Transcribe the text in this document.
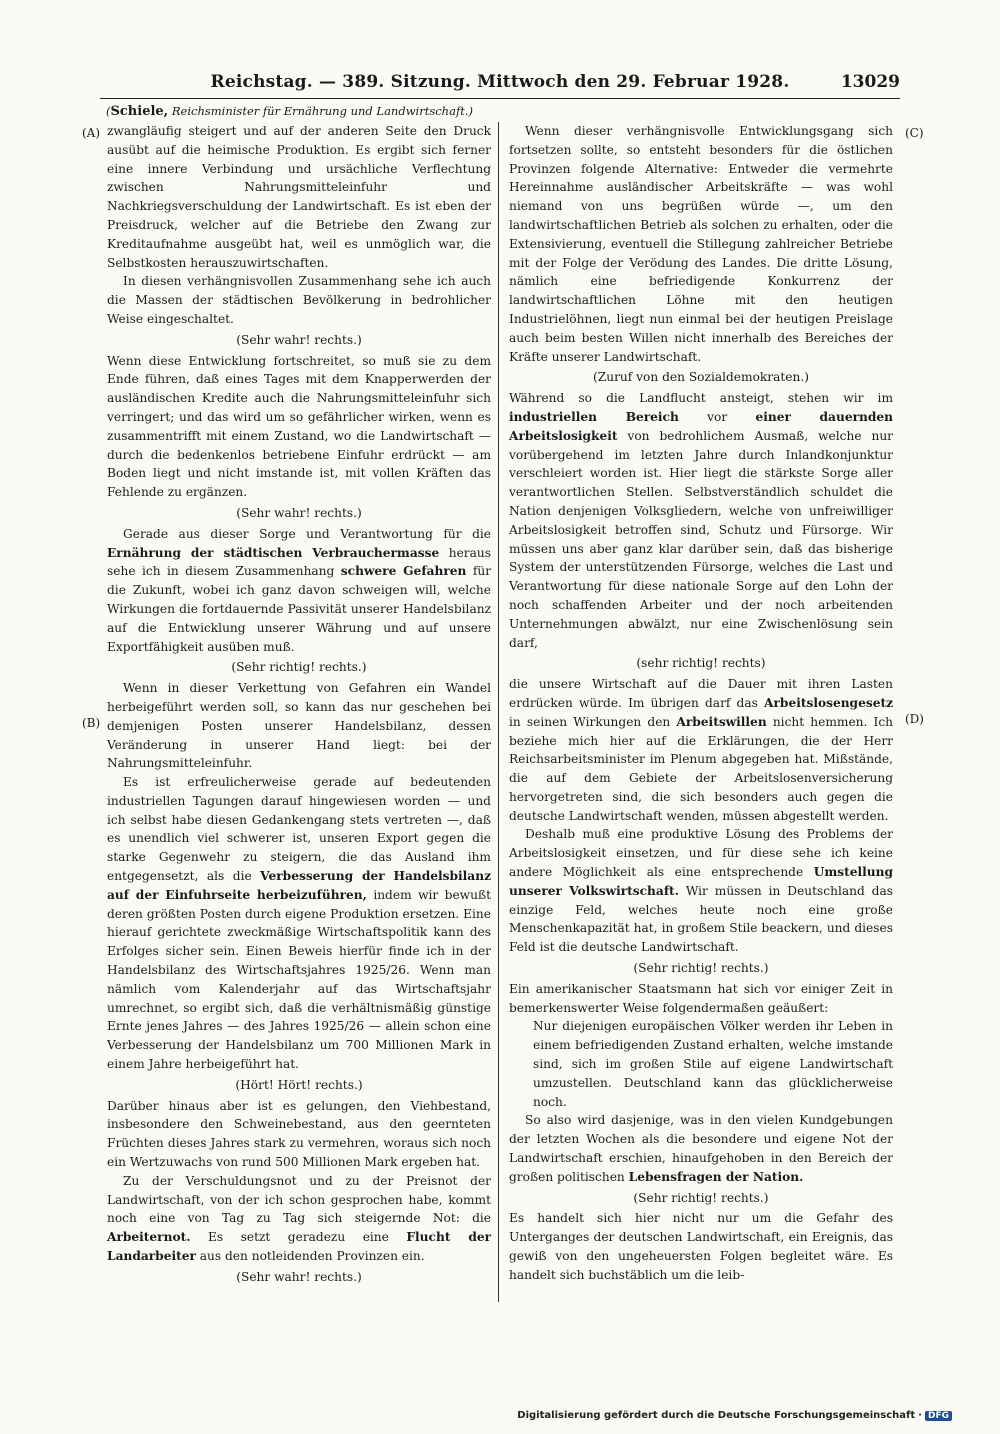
Reichstag. — 389. Sitzung. Mittwoch den 29. Februar 1928.	13029
(Schiele, Reichsminister für Ernährung und Landwirtschaft.)
(A)
(B)
(C)
(D)

zwangläufig steigert und auf der anderen Seite den Druck ausübt auf die heimische Produktion. Es ergibt sich ferner eine innere Verbindung und ursächliche Verflechtung zwischen Nahrungsmitteleinfuhr und Nachkriegsverschuldung der Landwirtschaft. Es ist eben der Preisdruck, welcher auf die Betriebe den Zwang zur Kreditaufnahme ausgeübt hat, weil es unmöglich war, die Selbstkosten herauszuwirtschaften.

In diesen verhängnisvollen Zusammenhang sehe ich auch die Massen der städtischen Bevölkerung in bedrohlicher Weise eingeschaltet.

(Sehr wahr! rechts.)

Wenn diese Entwicklung fortschreitet, so muß sie zu dem Ende führen, daß eines Tages mit dem Knapperwerden der ausländischen Kredite auch die Nahrungsmitteleinfuhr sich verringert; und das wird um so gefährlicher wirken, wenn es zusammentrifft mit einem Zustand, wo die Landwirtschaft — durch die bedenkenlos betriebene Einfuhr erdrückt — am Boden liegt und nicht imstande ist, mit vollen Kräften das Fehlende zu ergänzen.

(Sehr wahr! rechts.)

Gerade aus dieser Sorge und Verantwortung für die Ernährung der städtischen Verbrauchermasse heraus sehe ich in diesem Zusammenhang schwere Gefahren für die Zukunft, wobei ich ganz davon schweigen will, welche Wirkungen die fortdauernde Passivität unserer Handelsbilanz auf die Entwicklung unserer Währung und auf unsere Exportfähigkeit ausüben muß.

(Sehr richtig! rechts.)

Wenn in dieser Verkettung von Gefahren ein Wandel herbeigeführt werden soll, so kann das nur geschehen bei demjenigen Posten unserer Handelsbilanz, dessen Veränderung in unserer Hand liegt: bei der Nahrungsmitteleinfuhr.

Es ist erfreulicherweise gerade auf bedeutenden industriellen Tagungen darauf hingewiesen worden — und ich selbst habe diesen Gedankengang stets vertreten —, daß es unendlich viel schwerer ist, unseren Export gegen die starke Gegenwehr zu steigern, die das Ausland ihm entgegensetzt, als die Verbesserung der Handelsbilanz auf der Einfuhrseite herbeizuführen, indem wir bewußt deren größten Posten durch eigene Produktion ersetzen. Eine hierauf gerichtete zweckmäßige Wirtschaftspolitik kann des Erfolges sicher sein. Einen Beweis hierfür finde ich in der Handelsbilanz des Wirtschaftsjahres 1925/26. Wenn man nämlich vom Kalenderjahr auf das Wirtschaftsjahr umrechnet, so ergibt sich, daß die verhältnismäßig günstige Ernte jenes Jahres — des Jahres 1925/26 — allein schon eine Verbesserung der Handelsbilanz um 700 Millionen Mark in einem Jahre herbeigeführt hat.

(Hört! Hört! rechts.)

Darüber hinaus aber ist es gelungen, den Viehbestand, insbesondere den Schweinebestand, aus den geernteten Früchten dieses Jahres stark zu vermehren, woraus sich noch ein Wertzuwachs von rund 500 Millionen Mark ergeben hat.

Zu der Verschuldungsnot und zu der Preisnot der Landwirtschaft, von der ich schon gesprochen habe, kommt noch eine von Tag zu Tag sich steigernde Not: die Arbeiternot. Es setzt geradezu eine Flucht der Landarbeiter aus den notleidenden Provinzen ein.

(Sehr wahr! rechts.)

Wenn dieser verhängnisvolle Entwicklungsgang sich fortsetzen sollte, so entsteht besonders für die östlichen Provinzen folgende Alternative: Entweder die vermehrte Hereinnahme ausländischer Arbeitskräfte — was wohl niemand von uns begrüßen würde —, um den landwirtschaftlichen Betrieb als solchen zu erhalten, oder die Extensivierung, eventuell die Stillegung zahlreicher Betriebe mit der Folge der Verödung des Landes. Die dritte Lösung, nämlich eine befriedigende Konkurrenz der landwirtschaftlichen Löhne mit den heutigen Industrielöhnen, liegt nun einmal bei der heutigen Preislage auch beim besten Willen nicht innerhalb des Bereiches der Kräfte unserer Landwirtschaft.

(Zuruf von den Sozialdemokraten.)

Während so die Landflucht ansteigt, stehen wir im industriellen Bereich vor einer dauernden Arbeitslosigkeit von bedrohlichem Ausmaß, welche nur vorübergehend im letzten Jahre durch Inlandkonjunktur verschleiert worden ist. Hier liegt die stärkste Sorge aller verantwortlichen Stellen. Selbstverständlich schuldet die Nation denjenigen Volksgliedern, welche von unfreiwilliger Arbeitslosigkeit betroffen sind, Schutz und Fürsorge. Wir müssen uns aber ganz klar darüber sein, daß das bisherige System der unterstützenden Fürsorge, welches die Last und Verantwortung für diese nationale Sorge auf den Lohn der noch schaffenden Arbeiter und der noch arbeitenden Unternehmungen abwälzt, nur eine Zwischenlösung sein darf,

(sehr richtig! rechts)

die unsere Wirtschaft auf die Dauer mit ihren Lasten erdrücken würde. Im übrigen darf das Arbeitslosengesetz in seinen Wirkungen den Arbeitswillen nicht hemmen. Ich beziehe mich hier auf die Erklärungen, die der Herr Reichsarbeitsminister im Plenum abgegeben hat. Mißstände, die auf dem Gebiete der Arbeitslosenversicherung hervorgetreten sind, die sich besonders auch gegen die deutsche Landwirtschaft wenden, müssen abgestellt werden.

Deshalb muß eine produktive Lösung des Problems der Arbeitslosigkeit einsetzen, und für diese sehe ich keine andere Möglichkeit als eine entsprechende Umstellung unserer Volkswirtschaft. Wir müssen in Deutschland das einzige Feld, welches heute noch eine große Menschenkapazität hat, in großem Stile beackern, und dieses Feld ist die deutsche Landwirtschaft.

(Sehr richtig! rechts.)

Ein amerikanischer Staatsmann hat sich vor einiger Zeit in bemerkenswerter Weise folgendermaßen geäußert:

Nur diejenigen europäischen Völker werden ihr Leben in einem befriedigenden Zustand erhalten, welche imstande sind, sich im großen Stile auf eigene Landwirtschaft umzustellen. Deutschland kann das glücklicherweise noch.

So also wird dasjenige, was in den vielen Kundgebungen der letzten Wochen als die besondere und eigene Not der Landwirtschaft erschien, hinaufgehoben in den Bereich der großen politischen Lebensfragen der Nation.

(Sehr richtig! rechts.)

Es handelt sich hier nicht nur um die Gefahr des Unterganges der deutschen Landwirtschaft, ein Ereignis, das gewiß von den ungeheuersten Folgen begleitet wäre. Es handelt sich buchstäblich um die leib-

Digitalisierung gefördert durch die Deutsche Forschungsgemeinschaft · DFG
